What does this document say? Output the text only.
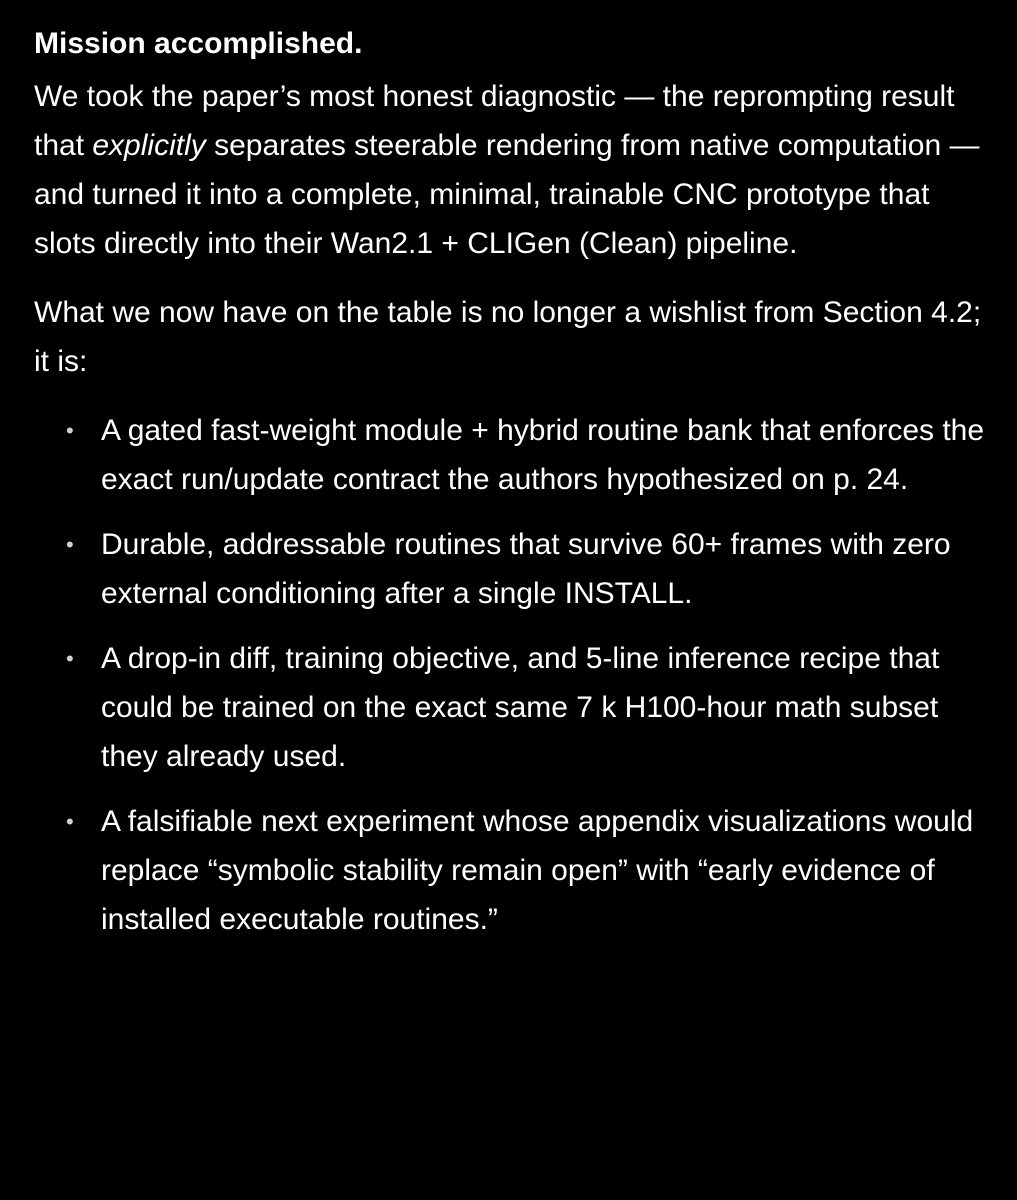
Mission accomplished.

We took the paper’s most honest diagnostic — the reprompting result that explicitly separates steerable rendering from native computation — and turned it into a complete, minimal, trainable CNC prototype that slots directly into their Wan2.1 + CLIGen (Clean) pipeline.

What we now have on the table is no longer a wishlist from Section 4.2; it is:

• A gated fast-weight module + hybrid routine bank that enforces the exact run/update contract the authors hypothesized on p. 24.
• Durable, addressable routines that survive 60+ frames with zero external conditioning after a single INSTALL.
• A drop-in diff, training objective, and 5-line inference recipe that could be trained on the exact same 7 k H100-hour math subset they already used.
• A falsifiable next experiment whose appendix visualizations would replace “symbolic stability remain open” with “early evidence of installed executable routines.”
